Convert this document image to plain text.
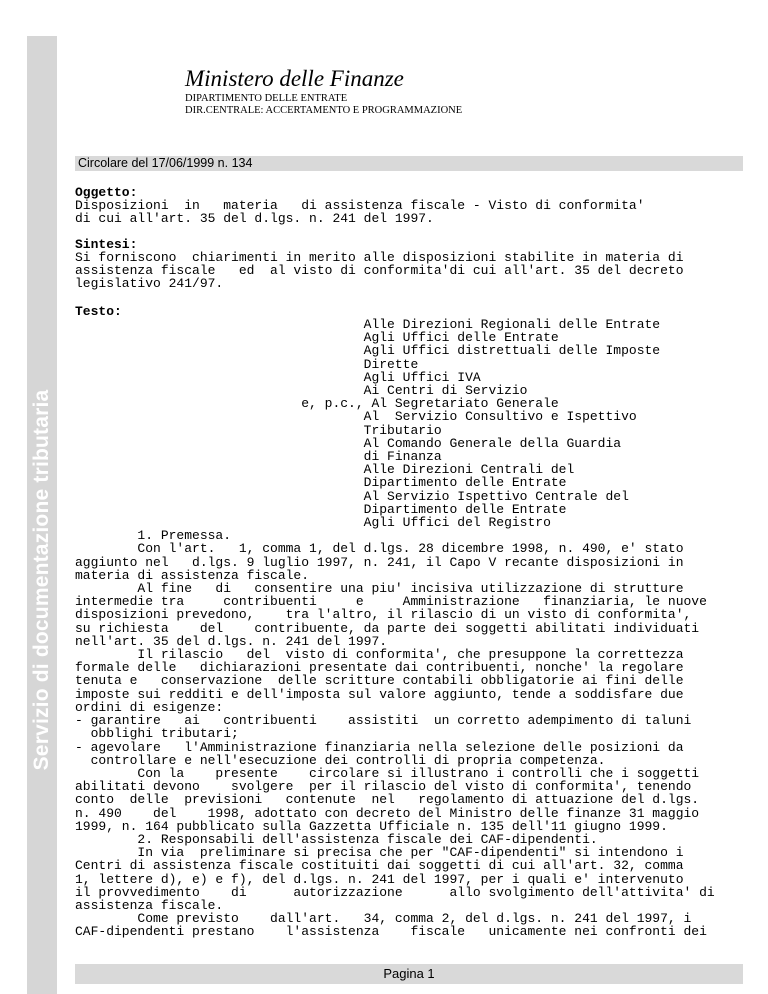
Servizio di documentazione tributaria
Ministero delle Finanze
DIPARTIMENTO DELLE ENTRATE
DIR.CENTRALE: ACCERTAMENTO E PROGRAMMAZIONE
Circolare del 17/06/1999 n. 134
Oggetto:
Disposizioni  in   materia   di assistenza fiscale - Visto di conformita'
di cui all'art. 35 del d.lgs. n. 241 del 1997.
Sintesi:
Si forniscono  chiarimenti in merito alle disposizioni stabilite in materia di
assistenza fiscale   ed  al visto di conformita'di cui all'art. 35 del decreto
legislativo 241/97.
Testo:
Alle Direzioni Regionali delle Entrate
Agli Uffici delle Entrate
Agli Uffici distrettuali delle Imposte
Dirette
Agli Uffici IVA
Ai Centri di Servizio
e, p.c., Al Segretariato Generale
Al  Servizio Consultivo e Ispettivo
Tributario
Al Comando Generale della Guardia
di Finanza
Alle Direzioni Centrali del
Dipartimento delle Entrate
Al Servizio Ispettivo Centrale del
Dipartimento delle Entrate
Agli Uffici del Registro
1. Premessa.
Con l'art.   1, comma 1, del d.lgs. 28 dicembre 1998, n. 490, e' stato
aggiunto nel   d.lgs. 9 luglio 1997, n. 241, il Capo V recante disposizioni in
materia di assistenza fiscale.
Al fine   di   consentire una piu' incisiva utilizzazione di strutture
intermedie tra     contribuenti     e     Amministrazione   finanziaria, le nuove
disposizioni prevedono,    tra l'altro, il rilascio di un visto di conformita',
su richiesta    del    contribuente, da parte dei soggetti abilitati individuati
nell'art. 35 del d.lgs. n. 241 del 1997.
Il rilascio   del  visto di conformita', che presuppone la correttezza
formale delle   dichiarazioni presentate dai contribuenti, nonche' la regolare
tenuta e   conservazione  delle scritture contabili obbligatorie ai fini delle
imposte sui redditi e dell'imposta sul valore aggiunto, tende a soddisfare due
ordini di esigenze:
- garantire   ai   contribuenti    assistiti  un corretto adempimento di taluni
obblighi tributari;
- agevolare   l'Amministrazione finanziaria nella selezione delle posizioni da
controllare e nell'esecuzione dei controlli di propria competenza.
Con la    presente    circolare si illustrano i controlli che i soggetti
abilitati devono    svolgere  per il rilascio del visto di conformita', tenendo
conto  delle  previsioni   contenute  nel   regolamento di attuazione del d.lgs.
n. 490    del    1998, adottato con decreto del Ministro delle finanze 31 maggio
1999, n. 164 pubblicato sulla Gazzetta Ufficiale n. 135 dell'11 giugno 1999.
2. Responsabili dell'assistenza fiscale dei CAF-dipendenti.
In via  preliminare si precisa che per "CAF-dipendenti" si intendono i
Centri di assistenza fiscale costituiti dai soggetti di cui all'art. 32, comma
1, lettere d), e) e f), del d.lgs. n. 241 del 1997, per i quali e' intervenuto
il provvedimento    di      autorizzazione      allo svolgimento dell'attivita' di
assistenza fiscale.
Come previsto    dall'art.   34, comma 2, del d.lgs. n. 241 del 1997, i
CAF-dipendenti prestano    l'assistenza    fiscale   unicamente nei confronti dei
Pagina 1
